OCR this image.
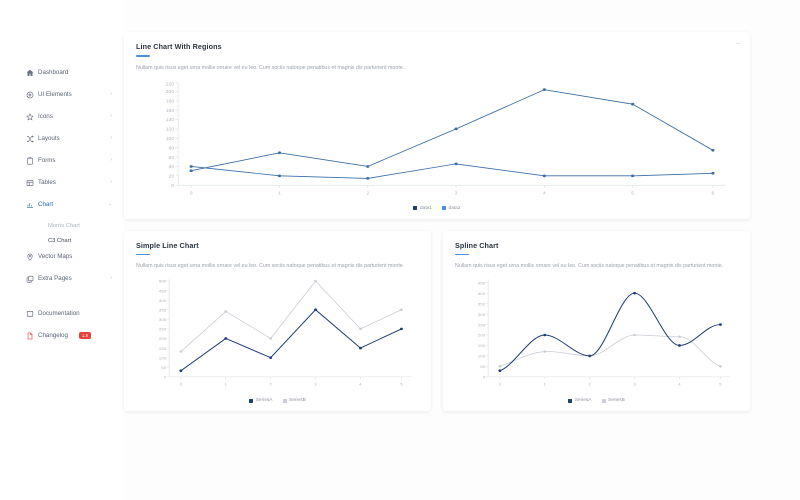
Dashboard
UI Elements	›
Icons	›
Layouts	›
Forms	›
Tables	›
Chart	⌄
Morris Chart
C3 Chart
Vector Maps
Extra Pages	›
Documentation
Changelog	1.5
−
Line Chart With Regions

Nullam quis risus eget urna mollis ornare vel eu leo. Cum sociis natoque penatibus et magnis dis parturient monte.

0
20
40
60
80
100
120
140
160
180
200
220
0	1	2	3	4	5	6
data1	data2
Simple Line Chart

Nullam quis risus eget urna mollis ornare vel eu leo. Cum sociis natoque penatibus et magnis dis parturient monte.

0
50
100
150
200
250
300
350
400
450
500
0	1	2	3	4	5
SeriesA	SeriesB
Spline Chart

Nullam quis risus eget urna mollis ornare vel eu leo. Cum sociis natoque penatibus et magnis dis parturient monte.

0
50
100
150
200
250
300
350
400
450
0	1	2	3	4	5
SeriesA	SeriesB
